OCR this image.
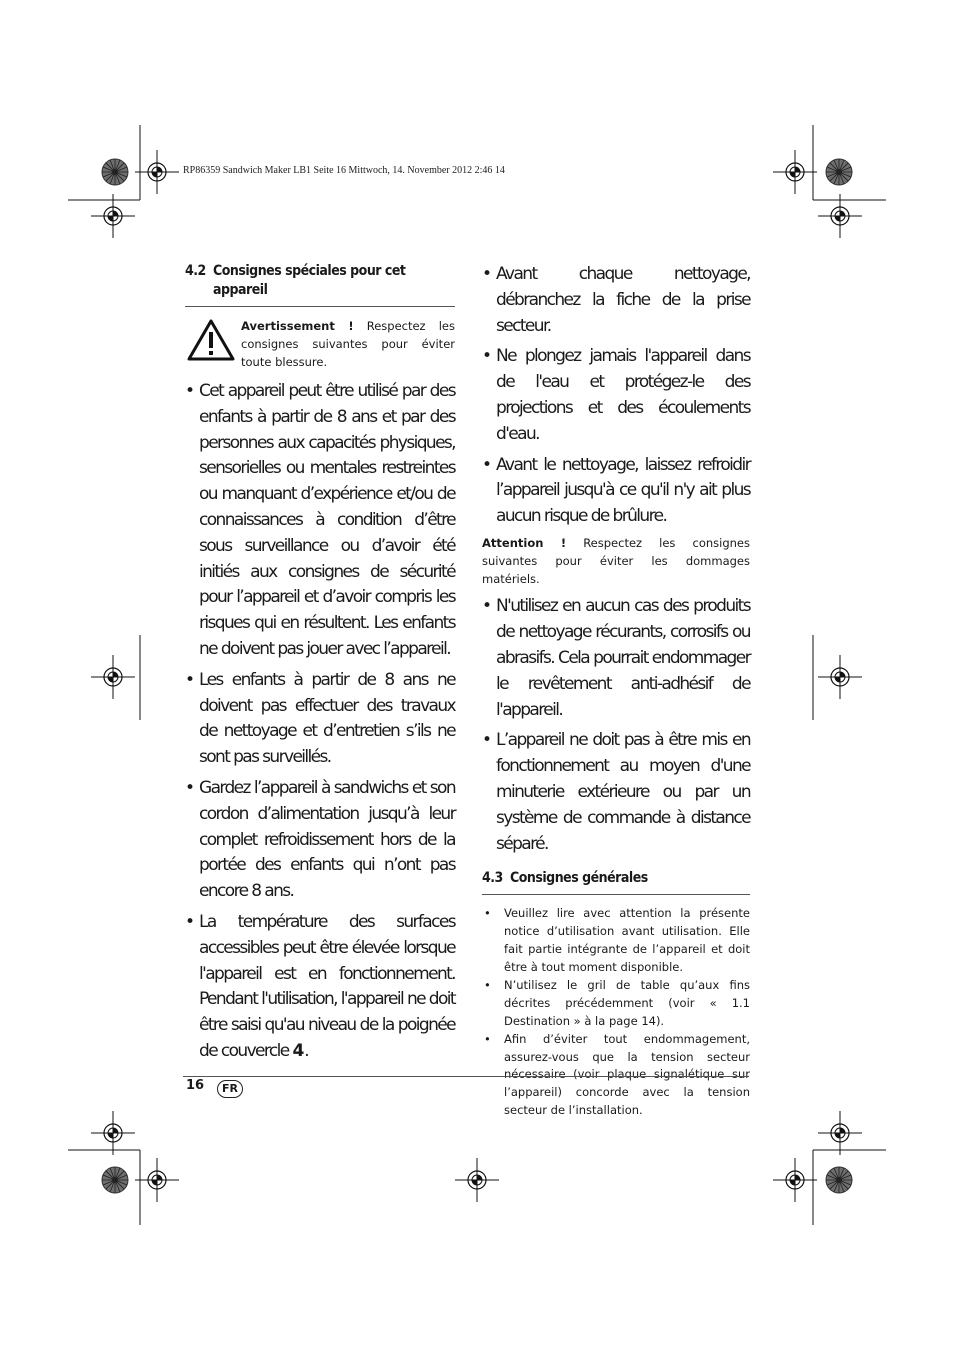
RP86359 Sandwich Maker LB1 Seite 16 Mittwoch, 14. November 2012 2:46 14
4.2 Consignes spéciales pour cet
appareil
Avertissement ! Respectez les consignes suivantes pour éviter toute blessure.
• Cet appareil peut être utilisé par des enfants à partir de 8 ans et par des personnes aux capacités physiques, sensorielles ou mentales restreintes ou manquant d’expérience et/ou de connaissances à condition d’être sous surveillance ou d’avoir été initiés aux consignes de sécurité pour l’appareil et d’avoir compris les risques qui en résultent. Les enfants ne doivent pas jouer avec l’appareil.
• Les enfants à partir de 8 ans ne doivent pas effectuer des travaux de nettoyage et d’entretien s’ils ne sont pas surveillés.
• Gardez l’appareil à sandwichs et son cordon d’alimentation jusqu’à leur complet refroidissement hors de la portée des enfants qui n’ont pas encore 8 ans.
• La température des surfaces accessibles peut être élevée lorsque l'appareil est en fonctionnement. Pendant l'utilisation, l'appareil ne doit être saisi qu'au niveau de la poignée de couvercle 4.
• Avant chaque nettoyage, débranchez la fiche de la prise secteur.
• Ne plongez jamais l'appareil dans de l'eau et protégez-le des projections et des écoulements d'eau.
• Avant le nettoyage, laissez refroidir l’appareil jusqu'à ce qu'il n'y ait plus aucun risque de brûlure.
Attention ! Respectez les consignes suivantes pour éviter les dommages matériels.
• N'utilisez en aucun cas des produits de nettoyage récurants, corrosifs ou abrasifs. Cela pourrait endommager le revêtement anti-adhésif de l'appareil.
• L’appareil ne doit pas à être mis en fonctionnement au moyen d'une minuterie extérieure ou par un système de commande à distance séparé.
4.3 Consignes générales
• Veuillez lire avec attention la présente notice d’utilisation avant utilisation. Elle fait partie intégrante de l’appareil et doit être à tout moment disponible.
• N’utilisez le gril de table qu’aux fins décrites précédemment (voir « 1.1 Destination » à la page 14).
• Afin d’éviter tout endommagement, assurez-vous que la tension secteur nécessaire (voir plaque signalétique sur l’appareil) concorde avec la tension secteur de l’installation.
16	FR
